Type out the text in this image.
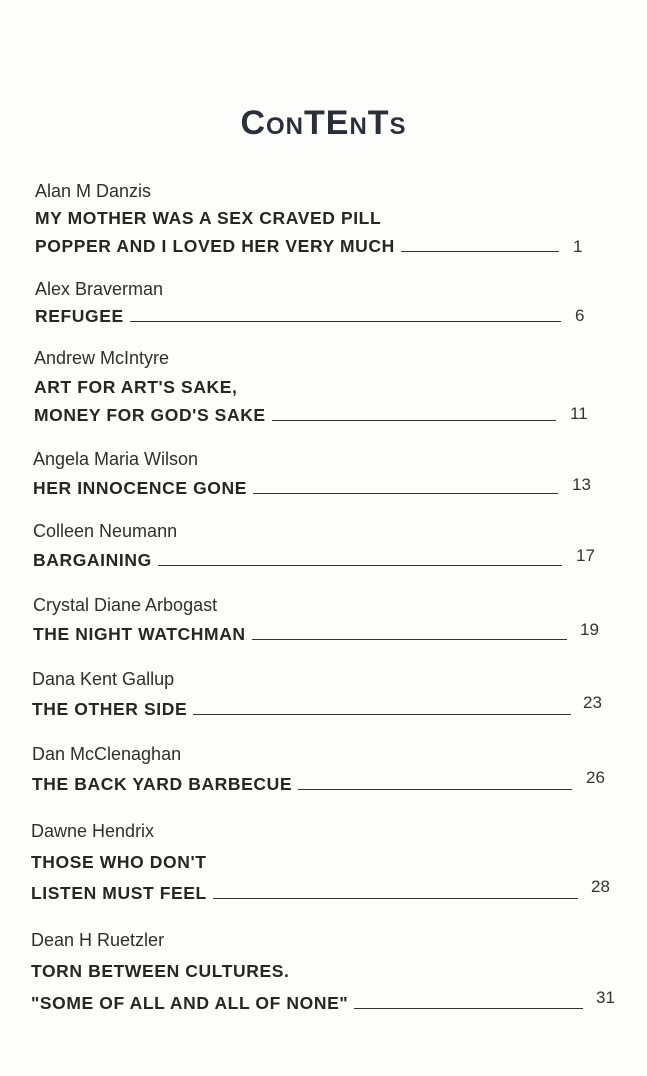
ConTEnTs
Alan M Danzis
MY MOTHER WAS A SEX CRAVED PILL
POPPER AND I LOVED HER VERY MUCH	1
Alex Braverman
REFUGEE	6
Andrew McIntyre
ART FOR ART'S SAKE,
MONEY FOR GOD'S SAKE	11
Angela Maria Wilson
HER INNOCENCE GONE	13
Colleen Neumann
BARGAINING	17
Crystal Diane Arbogast
THE NIGHT WATCHMAN	19
Dana Kent Gallup
THE OTHER SIDE	23
Dan McClenaghan
THE BACK YARD BARBECUE	26
Dawne Hendrix
THOSE WHO DON'T
LISTEN MUST FEEL	28
Dean H Ruetzler
TORN BETWEEN CULTURES.
"SOME OF ALL AND ALL OF NONE"	31
